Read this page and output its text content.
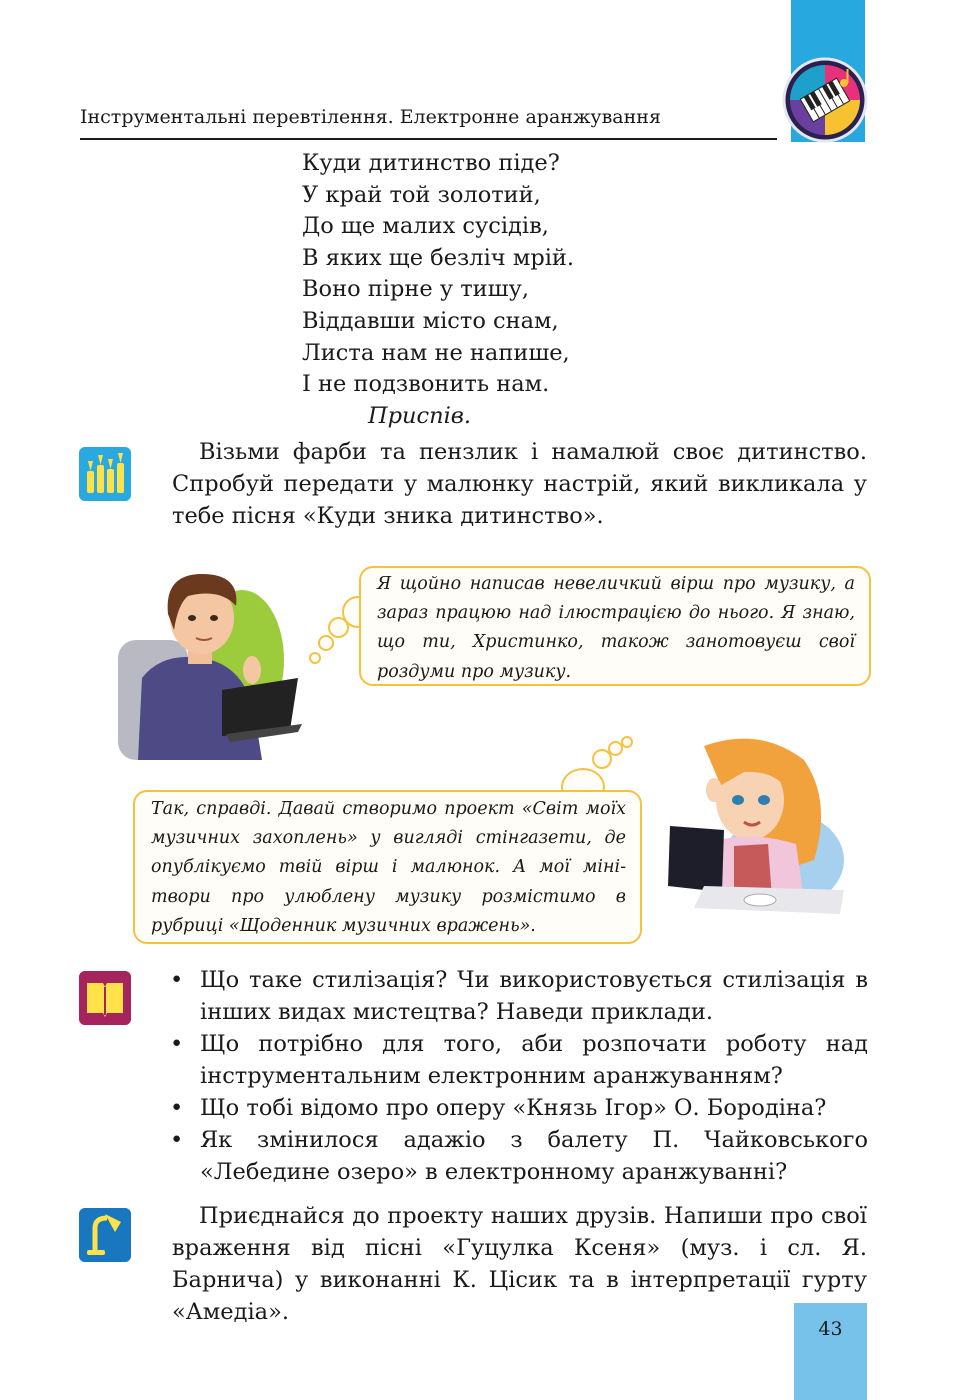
Інструментальні перевтілення. Електронне аранжування
Куди дитинство піде?
У край той золотий,
До ще малих сусідів,
В яких ще безліч мрій.
Воно пірне у тишу,
Віддавши місто снам,
Листа нам не напише,
І не подзвонить нам.
Приспів.
Візьми фарби та пензлик і намалюй своє дитинство. Спробуй передати у малюнку настрій, який викликала у тебе пісня «Куди зника дитинство».
Я щойно написав невеличкий вірш про музику, а зараз працюю над ілюстрацією до нього. Я знаю, що ти, Христинко, також занотовуєш свої роздуми про музику.
Так, справді. Давай створимо проект «Світ моїх музичних захоплень» у вигляді стінгазети, де опублікуємо твій вірш і малюнок. А мої міні-твори про улюблену музику розмістимо в рубриці «Щоденник музичних вражень».
• Що таке стилізація? Чи використовується стилізація в інших видах мистецтва? Наведи приклади.
• Що потрібно для того, аби розпочати роботу над інструментальним електронним аранжуванням?
• Що тобі відомо про оперу «Князь Ігор» О. Бородіна?
• Як змінилося адажіо з балету П. Чайковського «Лебедине озеро» в електронному аранжуванні?
Приєднайся до проекту наших друзів. Напиши про свої враження від пісні «Гуцулка Ксеня» (муз. і сл. Я. Барнича) у виконанні К. Цісик та в інтерпретації гурту «Амедіа».
43
